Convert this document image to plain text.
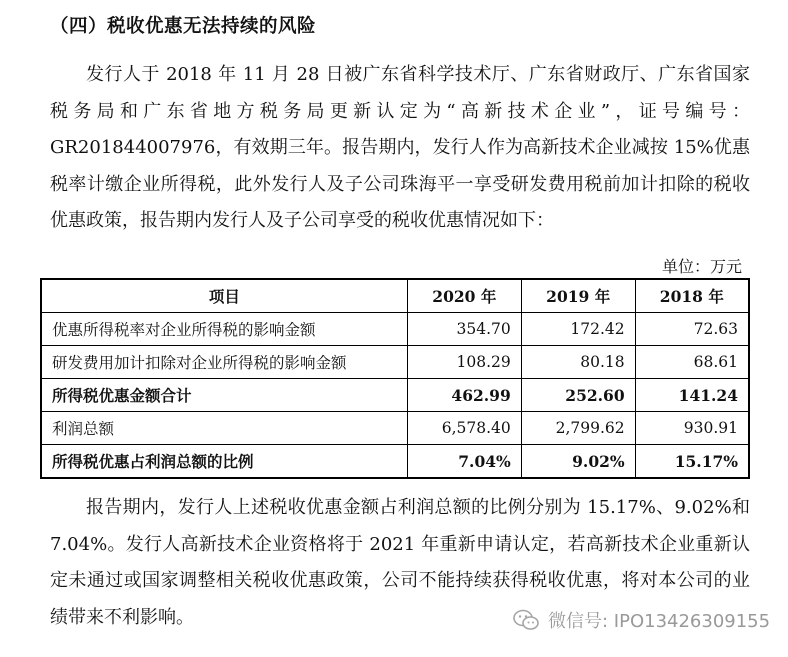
（四）税收优惠无法持续的风险

发行人于 2018 年 11 月 28 日被广东省科学技术厅、广东省财政厅、广东省国家税务局和广东省地方税务局更新认定为“高新技术企业”，证号编号：GR201844007976，有效期三年。报告期内，发行人作为高新技术企业减按 15%优惠税率计缴企业所得税，此外发行人及子公司珠海平一享受研发费用税前加计扣除的税收优惠政策，报告期内发行人及子公司享受的税收优惠情况如下：

单位：万元
项目	2020 年	2019 年	2018 年
优惠所得税率对企业所得税的影响金额	354.70	172.42	72.63
研发费用加计扣除对企业所得税的影响金额	108.29	80.18	68.61
所得税优惠金额合计	462.99	252.60	141.24
利润总额	6,578.40	2,799.62	930.91
所得税优惠占利润总额的比例	7.04%	9.02%	15.17%

报告期内，发行人上述税收优惠金额占利润总额的比例分别为 15.17%、9.02%和 7.04%。发行人高新技术企业资格将于 2021 年重新申请认定，若高新技术企业重新认定未通过或国家调整相关税收优惠政策，公司不能持续获得税收优惠，将对本公司的业绩带来不利影响。	微信号: IPO13426309155
